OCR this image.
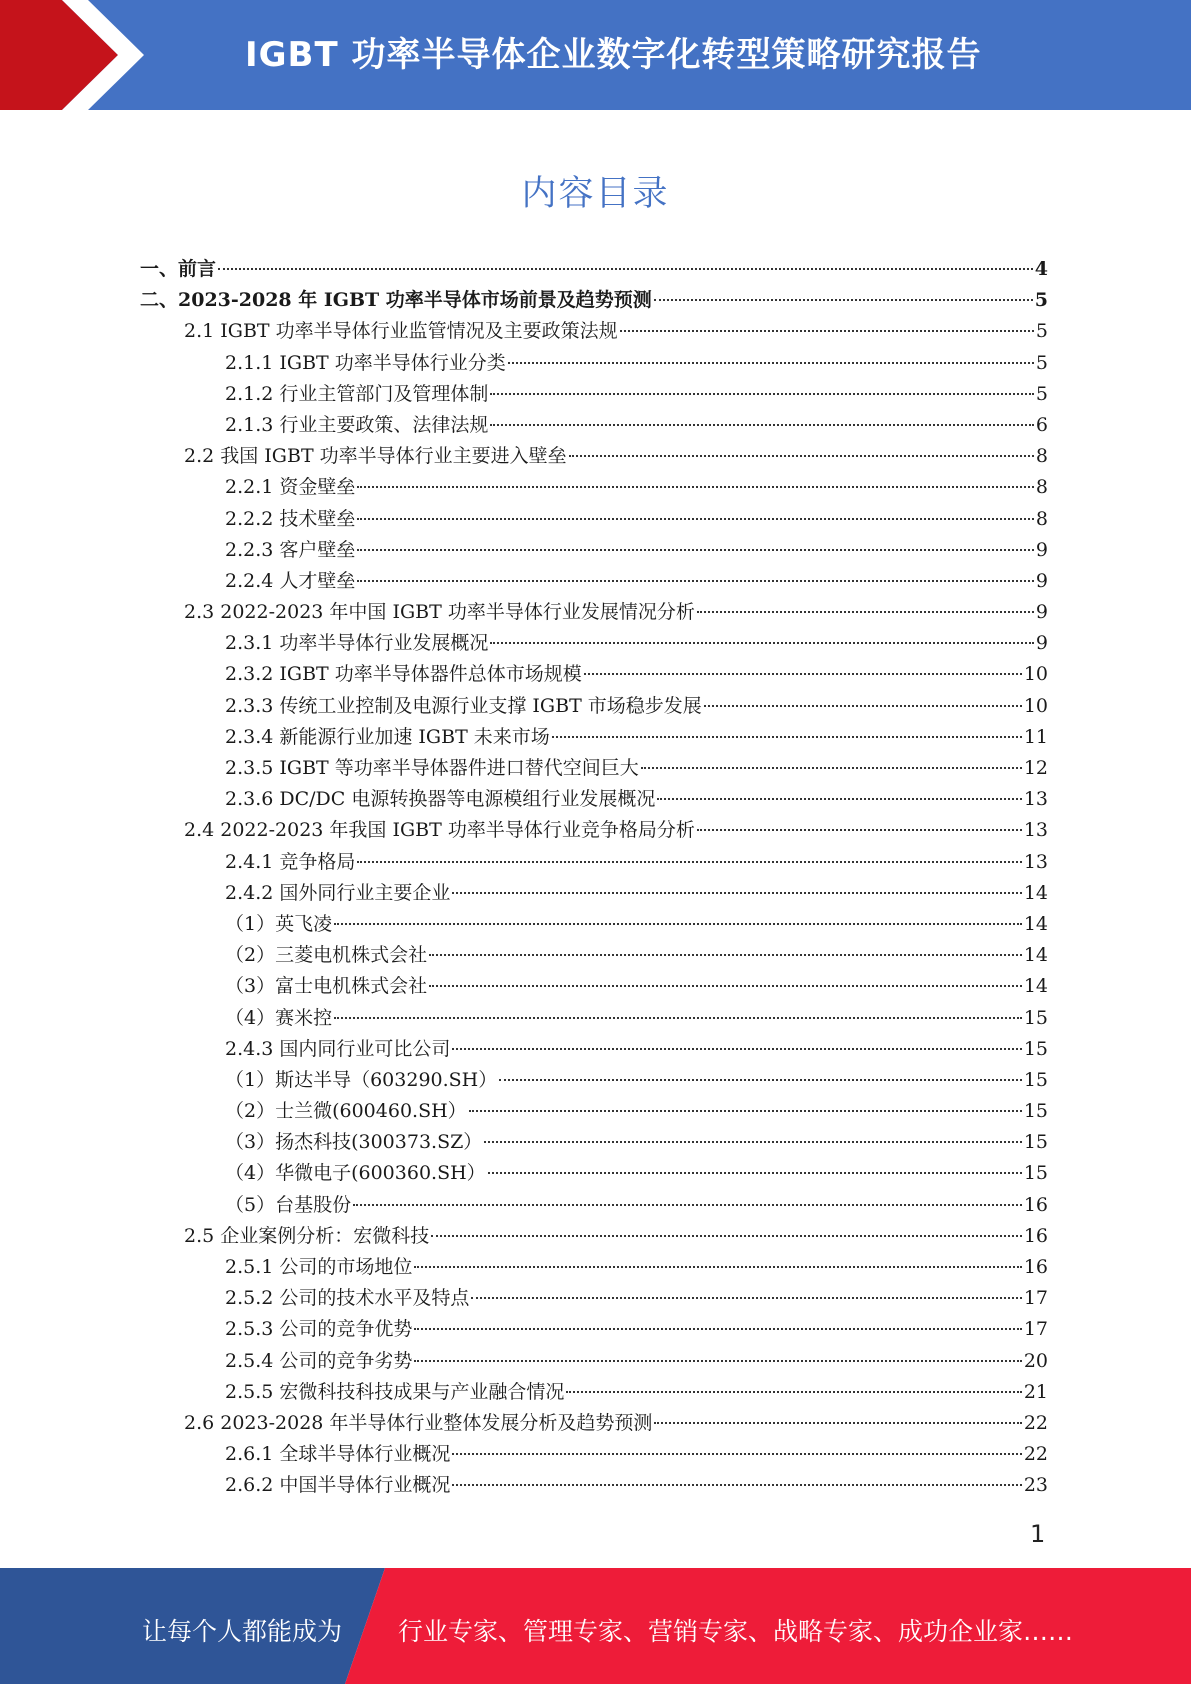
IGBT 功率半导体企业数字化转型策略研究报告
内容目录
一、前言	4
二、2023-2028 年 IGBT 功率半导体市场前景及趋势预测	5
2.1 IGBT 功率半导体行业监管情况及主要政策法规	5
2.1.1 IGBT 功率半导体行业分类	5
2.1.2 行业主管部门及管理体制	5
2.1.3 行业主要政策、法律法规	6
2.2 我国 IGBT 功率半导体行业主要进入壁垒	8
2.2.1 资金壁垒	8
2.2.2 技术壁垒	8
2.2.3 客户壁垒	9
2.2.4 人才壁垒	9
2.3 2022-2023 年中国 IGBT 功率半导体行业发展情况分析	9
2.3.1 功率半导体行业发展概况	9
2.3.2 IGBT 功率半导体器件总体市场规模	10
2.3.3 传统工业控制及电源行业支撑 IGBT 市场稳步发展	10
2.3.4 新能源行业加速 IGBT 未来市场	11
2.3.5 IGBT 等功率半导体器件进口替代空间巨大	12
2.3.6 DC/DC 电源转换器等电源模组行业发展概况	13
2.4 2022-2023 年我国 IGBT 功率半导体行业竞争格局分析	13
2.4.1 竞争格局	13
2.4.2 国外同行业主要企业	14
（1）英飞凌	14
（2）三菱电机株式会社	14
（3）富士电机株式会社	14
（4）赛米控	15
2.4.3 国内同行业可比公司	15
（1）斯达半导（603290.SH）	15
（2）士兰微(600460.SH）	15
（3）扬杰科技(300373.SZ）	15
（4）华微电子(600360.SH）	15
（5）台基股份	16
2.5 企业案例分析：宏微科技	16
2.5.1 公司的市场地位	16
2.5.2 公司的技术水平及特点	17
2.5.3 公司的竞争优势	17
2.5.4 公司的竞争劣势	20
2.5.5 宏微科技科技成果与产业融合情况	21
2.6 2023-2028 年半导体行业整体发展分析及趋势预测	22
2.6.1 全球半导体行业概况	22
2.6.2 中国半导体行业概况	23
1
让每个人都能成为 行业专家、管理专家、营销专家、战略专家、成功企业家……
